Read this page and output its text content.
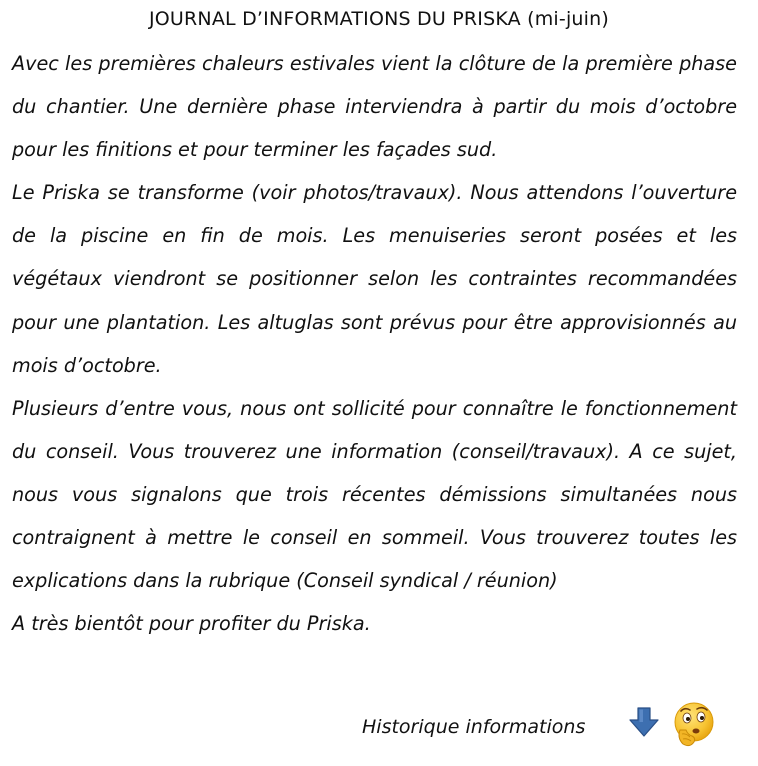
JOURNAL D’INFORMATIONS DU PRISKA (mi-juin)

Avec les premières chaleurs estivales vient la clôture de la première phase du chantier. Une dernière phase interviendra à partir du mois d’octobre pour les finitions et pour terminer les façades sud.

Le Priska se transforme (voir photos/travaux). Nous attendons l’ouverture de la piscine en fin de mois. Les menuiseries seront posées et les végétaux viendront se positionner selon les contraintes recommandées pour une plantation. Les altuglas sont prévus pour être approvisionnés au mois d’octobre.

Plusieurs d’entre vous, nous ont sollicité pour connaître le fonctionnement du conseil. Vous trouverez une information (conseil/travaux). A ce sujet, nous vous signalons que trois récentes démissions simultanées nous contraignent à mettre le conseil en sommeil. Vous trouverez toutes les explications dans la rubrique (Conseil syndical / réunion)

A très bientôt pour profiter du Priska.

Historique informations
